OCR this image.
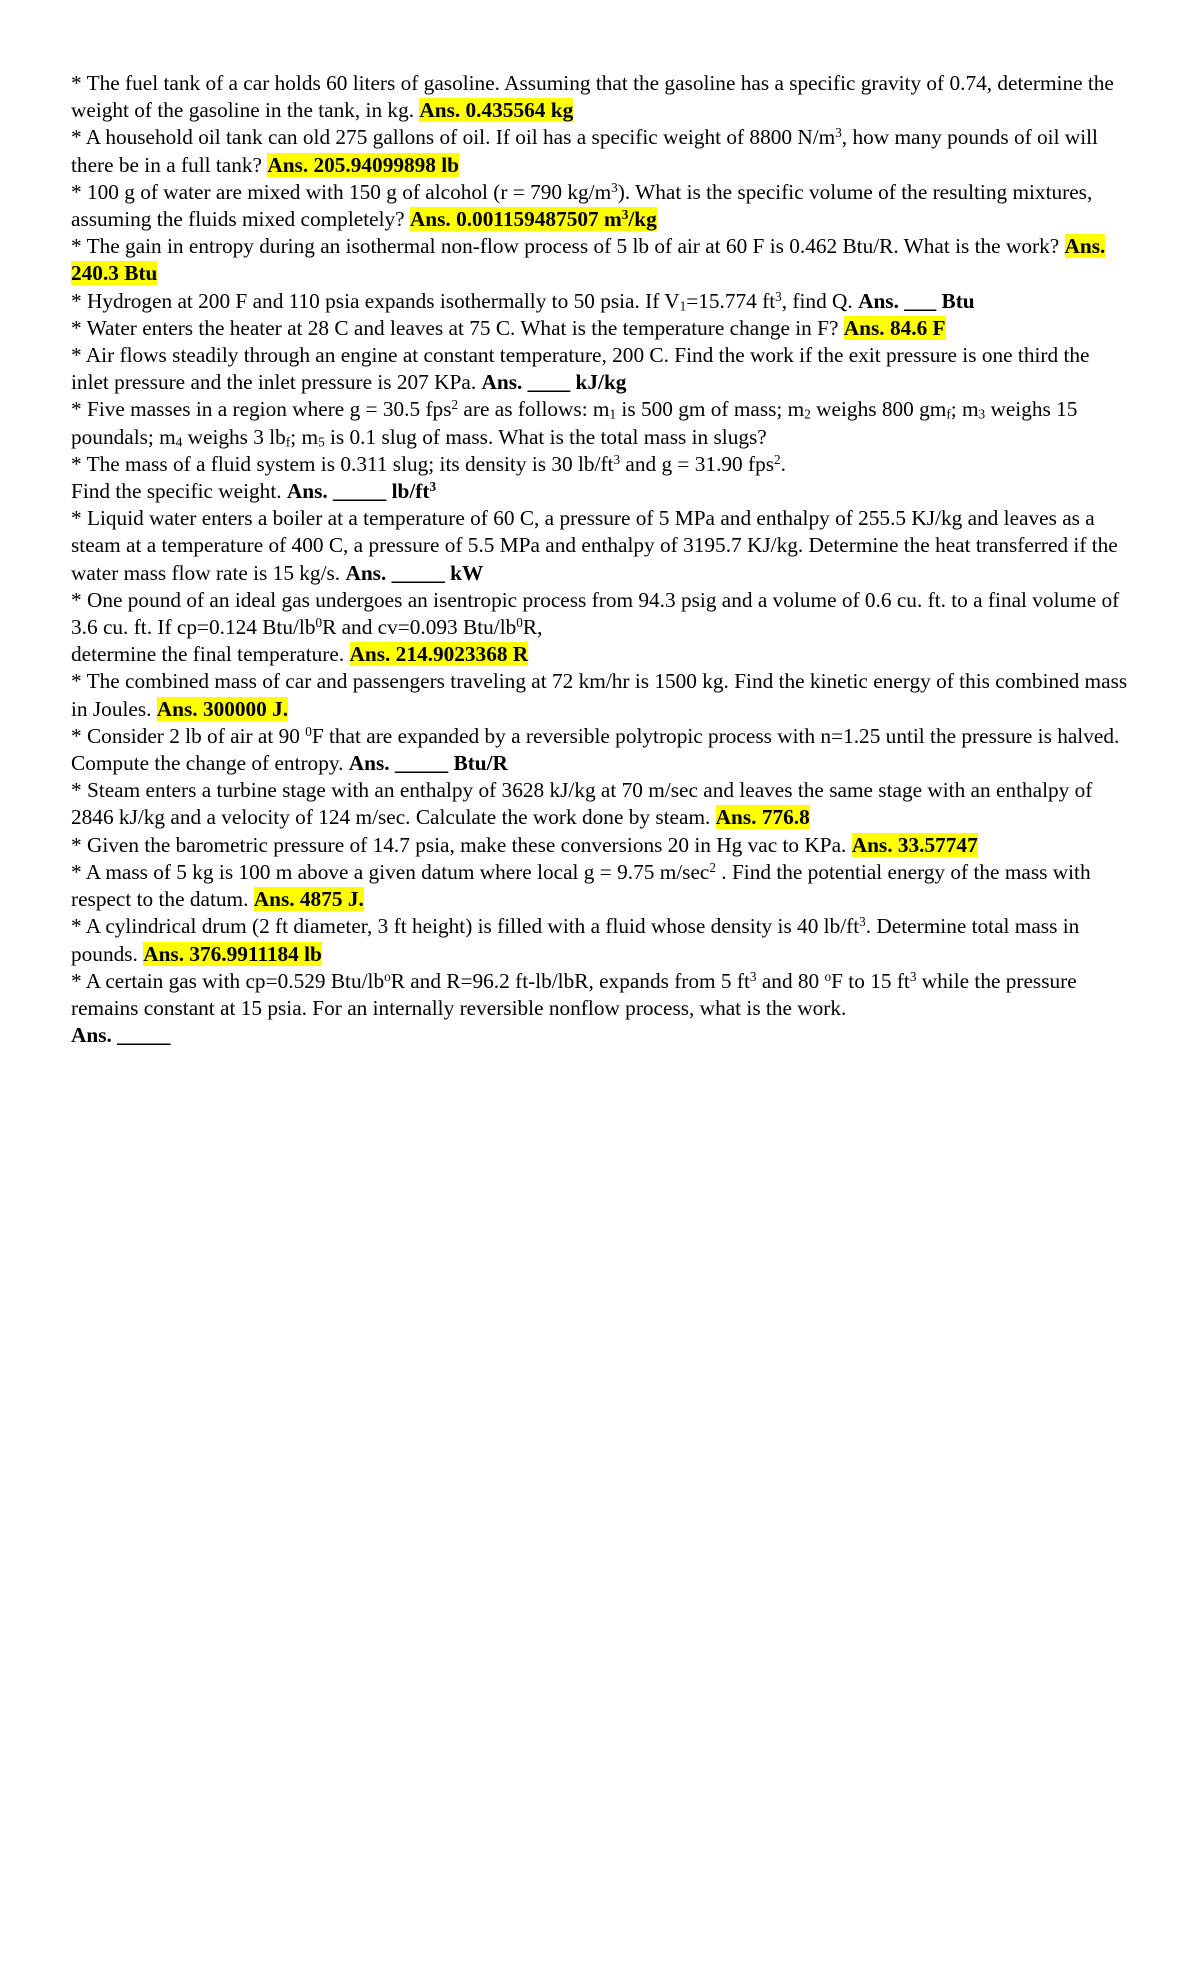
* The fuel tank of a car holds 60 liters of gasoline. Assuming that the gasoline has a specific gravity of 0.74, determine the weight of the gasoline in the tank, in kg. Ans. 0.435564 kg

* A household oil tank can old 275 gallons of oil. If oil has a specific weight of 8800 $N/m^3$, how many pounds of oil will there be in a full tank? Ans. 205.94099898 lb

* 100 g of water are mixed with 150 g of alcohol (r = 790 $kg/m^3$). What is the specific volume of the resulting mixtures, assuming the fluids mixed completely? Ans. 0.001159487507 $m^3/kg$

* The gain in entropy during an isothermal non-flow process of 5 lb of air at 60 F is 0.462 Btu/R. What is the work? Ans. 240.3 Btu

* Hydrogen at 200 F and 110 psia expands isothermally to 50 psia. If $V_1=15.774$ $ft^3$, find Q. Ans. ___ Btu

* Water enters the heater at 28 C and leaves at 75 C. What is the temperature change in F? Ans. 84.6 F

* Air flows steadily through an engine at constant temperature, 200 C. Find the work if the exit pressure is one third the inlet pressure and the inlet pressure is 207 KPa. Ans. ____ kJ/kg

* Five masses in a region where g = 30.5 fps$^2$ are as follows: $m_1$ is 500 gm of mass; $m_2$ weighs 800 $gm_f$; $m_3$ weighs 15 poundals; $m_4$ weighs 3 $lb_f$; $m_5$ is 0.1 slug of mass. What is the total mass in slugs?

* The mass of a fluid system is 0.311 slug; its density is 30 $lb/ft^3$ and g = 31.90 fps$^2$.
Find the specific weight. Ans. _____ $lb/ft^3$

* Liquid water enters a boiler at a temperature of 60 C, a pressure of 5 MPa and enthalpy of 255.5 KJ/kg and leaves as a steam at a temperature of 400 C, a pressure of 5.5 MPa and enthalpy of 3195.7 KJ/kg. Determine the heat transferred if the water mass flow rate is 15 kg/s. Ans. _____ kW

* One pound of an ideal gas undergoes an isentropic process from 94.3 psig and a volume of 0.6 cu. ft. to a final volume of 3.6 cu. ft. If cp=0.124 Btu/$lb^0R$ and cv=0.093 Btu/$lb^0R$,
determine the final temperature. Ans. 214.9023368 R

* The combined mass of car and passengers traveling at 72 km/hr is 1500 kg. Find the kinetic energy of this combined mass in Joules. Ans. 300000 J.

* Consider 2 lb of air at 90 $^0$F that are expanded by a reversible polytropic process with n=1.25 until the pressure is halved. Compute the change of entropy. Ans. _____ Btu/R

* Steam enters a turbine stage with an enthalpy of 3628 kJ/kg at 70 m/sec and leaves the same stage with an enthalpy of 2846 kJ/kg and a velocity of 124 m/sec. Calculate the work done by steam. Ans. 776.8

* Given the barometric pressure of 14.7 psia, make these conversions 20 in Hg vac to KPa. Ans. 33.57747

* A mass of 5 kg is 100 m above a given datum where local g = 9.75 $m/\sec^2$ . Find the potential energy of the mass with respect to the datum. Ans. 4875 J.

* A cylindrical drum (2 ft diameter, 3 ft height) is filled with a fluid whose density is 40 $lb/ft^3$. Determine total mass in pounds. Ans. 376.9911184 lb

* A certain gas with cp=0.529 Btu/$lb^oR$ and R=96.2 ft-lb/lbR, expands from 5 $ft^3$ and 80 $^o$F to 15 $ft^3$ while the pressure remains constant at 15 psia. For an internally reversible nonflow process, what is the work.
Ans. _____
